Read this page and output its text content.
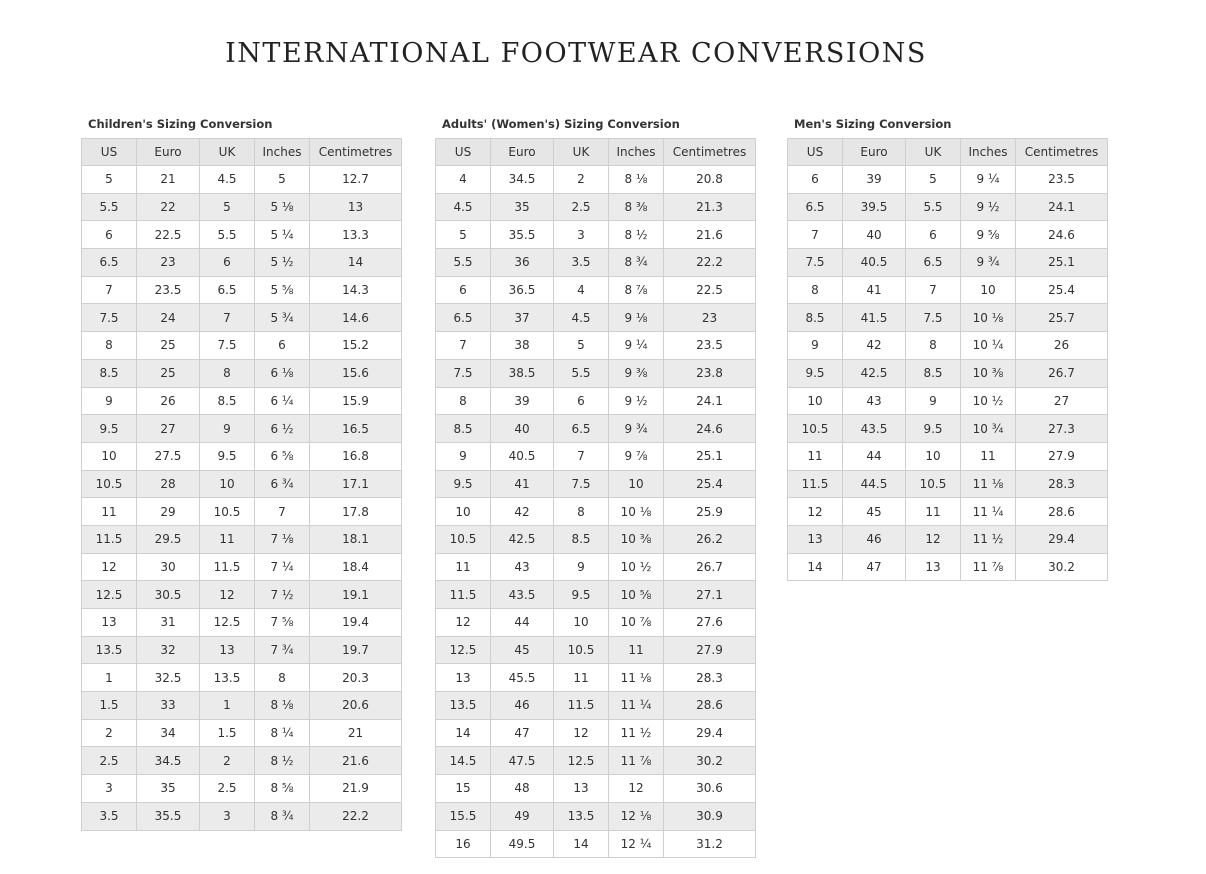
INTERNATIONAL FOOTWEAR CONVERSIONS
Children's Sizing Conversion
US	Euro	UK	Inches	Centimetres
5	21	4.5	5	12.7
5.5	22	5	5 ⅛	13
6	22.5	5.5	5 ¼	13.3
6.5	23	6	5 ½	14
7	23.5	6.5	5 ⅝	14.3
7.5	24	7	5 ¾	14.6
8	25	7.5	6	15.2
8.5	25	8	6 ⅛	15.6
9	26	8.5	6 ¼	15.9
9.5	27	9	6 ½	16.5
10	27.5	9.5	6 ⅝	16.8
10.5	28	10	6 ¾	17.1
11	29	10.5	7	17.8
11.5	29.5	11	7 ⅛	18.1
12	30	11.5	7 ¼	18.4
12.5	30.5	12	7 ½	19.1
13	31	12.5	7 ⅝	19.4
13.5	32	13	7 ¾	19.7
1	32.5	13.5	8	20.3
1.5	33	1	8 ⅛	20.6
2	34	1.5	8 ¼	21
2.5	34.5	2	8 ½	21.6
3	35	2.5	8 ⅝	21.9
3.5	35.5	3	8 ¾	22.2
Adults' (Women's) Sizing Conversion
US	Euro	UK	Inches	Centimetres
4	34.5	2	8 ⅛	20.8
4.5	35	2.5	8 ⅜	21.3
5	35.5	3	8 ½	21.6
5.5	36	3.5	8 ¾	22.2
6	36.5	4	8 ⅞	22.5
6.5	37	4.5	9 ⅛	23
7	38	5	9 ¼	23.5
7.5	38.5	5.5	9 ⅜	23.8
8	39	6	9 ½	24.1
8.5	40	6.5	9 ¾	24.6
9	40.5	7	9 ⅞	25.1
9.5	41	7.5	10	25.4
10	42	8	10 ⅛	25.9
10.5	42.5	8.5	10 ⅜	26.2
11	43	9	10 ½	26.7
11.5	43.5	9.5	10 ⅝	27.1
12	44	10	10 ⅞	27.6
12.5	45	10.5	11	27.9
13	45.5	11	11 ⅛	28.3
13.5	46	11.5	11 ¼	28.6
14	47	12	11 ½	29.4
14.5	47.5	12.5	11 ⅞	30.2
15	48	13	12	30.6
15.5	49	13.5	12 ⅛	30.9
16	49.5	14	12 ¼	31.2
Men's Sizing Conversion
US	Euro	UK	Inches	Centimetres
6	39	5	9 ¼	23.5
6.5	39.5	5.5	9 ½	24.1
7	40	6	9 ⅝	24.6
7.5	40.5	6.5	9 ¾	25.1
8	41	7	10	25.4
8.5	41.5	7.5	10 ⅛	25.7
9	42	8	10 ¼	26
9.5	42.5	8.5	10 ⅜	26.7
10	43	9	10 ½	27
10.5	43.5	9.5	10 ¾	27.3
11	44	10	11	27.9
11.5	44.5	10.5	11 ⅛	28.3
12	45	11	11 ¼	28.6
13	46	12	11 ½	29.4
14	47	13	11 ⅞	30.2
